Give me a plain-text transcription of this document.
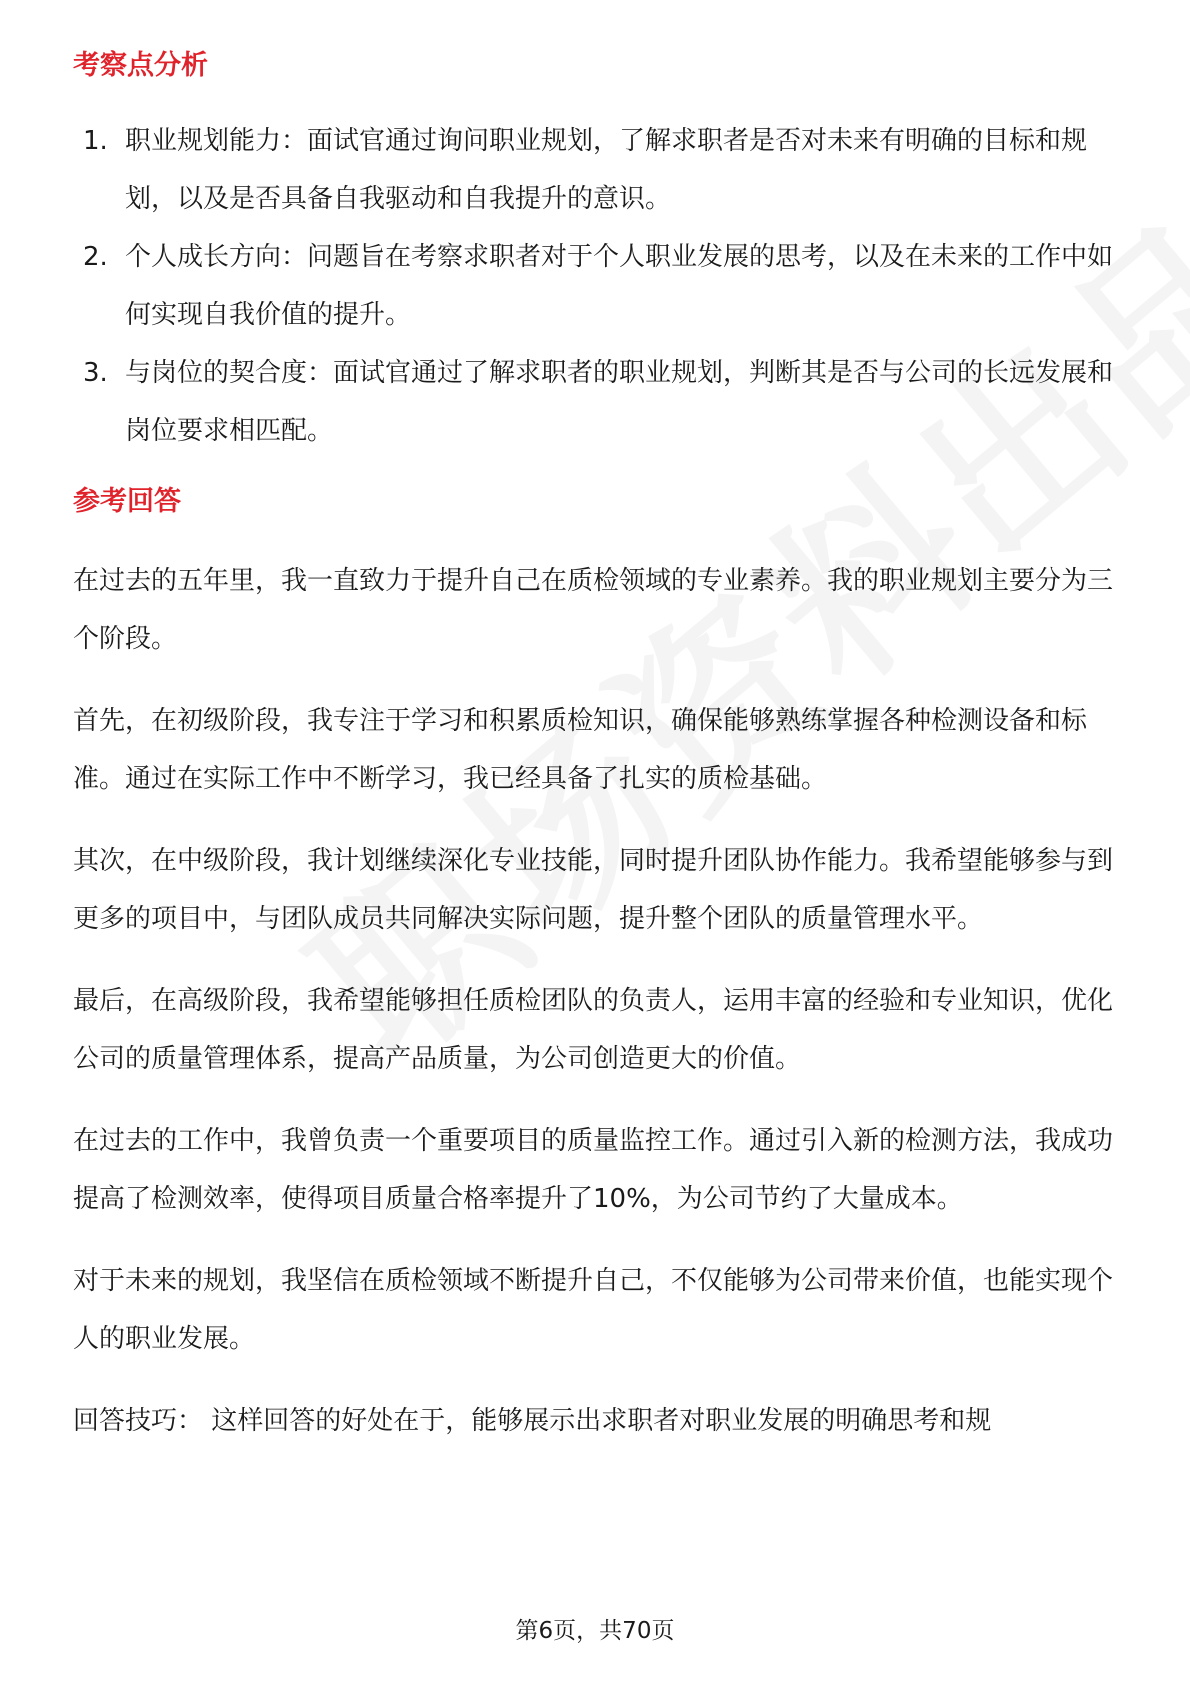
考察点分析
1. 职业规划能力：面试官通过询问职业规划，了解求职者是否对未来有明确的目标和规划，以及是否具备自我驱动和自我提升的意识。
2. 个人成长方向：问题旨在考察求职者对于个人职业发展的思考，以及在未来的工作中如何实现自我价值的提升。
3. 与岗位的契合度：面试官通过了解求职者的职业规划，判断其是否与公司的长远发展和岗位要求相匹配。
参考回答

在过去的五年里，我一直致力于提升自己在质检领域的专业素养。我的职业规划主要分为三个阶段。

首先，在初级阶段，我专注于学习和积累质检知识，确保能够熟练掌握各种检测设备和标准。通过在实际工作中不断学习，我已经具备了扎实的质检基础。

其次，在中级阶段，我计划继续深化专业技能，同时提升团队协作能力。我希望能够参与到更多的项目中，与团队成员共同解决实际问题，提升整个团队的质量管理水平。

最后，在高级阶段，我希望能够担任质检团队的负责人，运用丰富的经验和专业知识，优化公司的质量管理体系，提高产品质量，为公司创造更大的价值。

在过去的工作中，我曾负责一个重要项目的质量监控工作。通过引入新的检测方法，我成功提高了检测效率，使得项目质量合格率提升了10%，为公司节约了大量成本。

对于未来的规划，我坚信在质检领域不断提升自己，不仅能够为公司带来价值，也能实现个人的职业发展。

回答技巧： 这样回答的好处在于，能够展示出求职者对职业发展的明确思考和规

第6页，共70页
